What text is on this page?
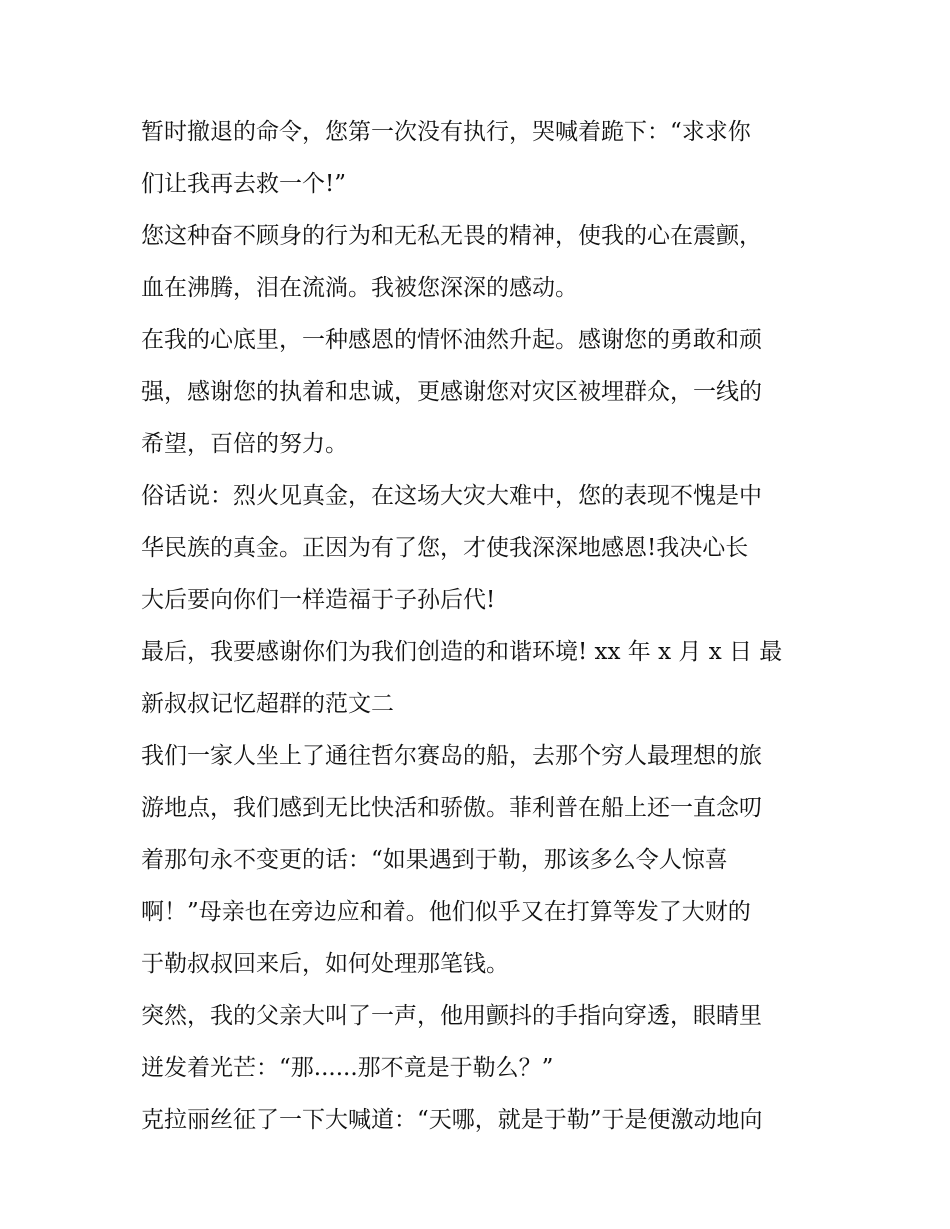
暂时撤退的命令，您第一次没有执行，哭喊着跪下：“求求你
们让我再去救一个!”
您这种奋不顾身的行为和无私无畏的精神，使我的心在震颤，
血在沸腾，泪在流淌。我被您深深的感动。
在我的心底里，一种感恩的情怀油然升起。感谢您的勇敢和顽
强，感谢您的执着和忠诚，更感谢您对灾区被埋群众，一线的
希望，百倍的努力。
俗话说：烈火见真金，在这场大灾大难中，您的表现不愧是中
华民族的真金。正因为有了您，才使我深深地感恩!我决心长
大后要向你们一样造福于子孙后代!
最后，我要感谢你们为我们创造的和谐环境! xx 年 x 月 x 日 最
新叔叔记忆超群的范文二
我们一家人坐上了通往哲尔赛岛的船，去那个穷人最理想的旅
游地点，我们感到无比快活和骄傲。菲利普在船上还一直念叨
着那句永不变更的话：“如果遇到于勒，那该多么令人惊喜
啊！”母亲也在旁边应和着。他们似乎又在打算等发了大财的
于勒叔叔回来后，如何处理那笔钱。
突然，我的父亲大叫了一声，他用颤抖的手指向穿透，眼睛里
迸发着光芒：“那......那不竟是于勒么？”
克拉丽丝征了一下大喊道：“天哪，就是于勒”于是便激动地向
